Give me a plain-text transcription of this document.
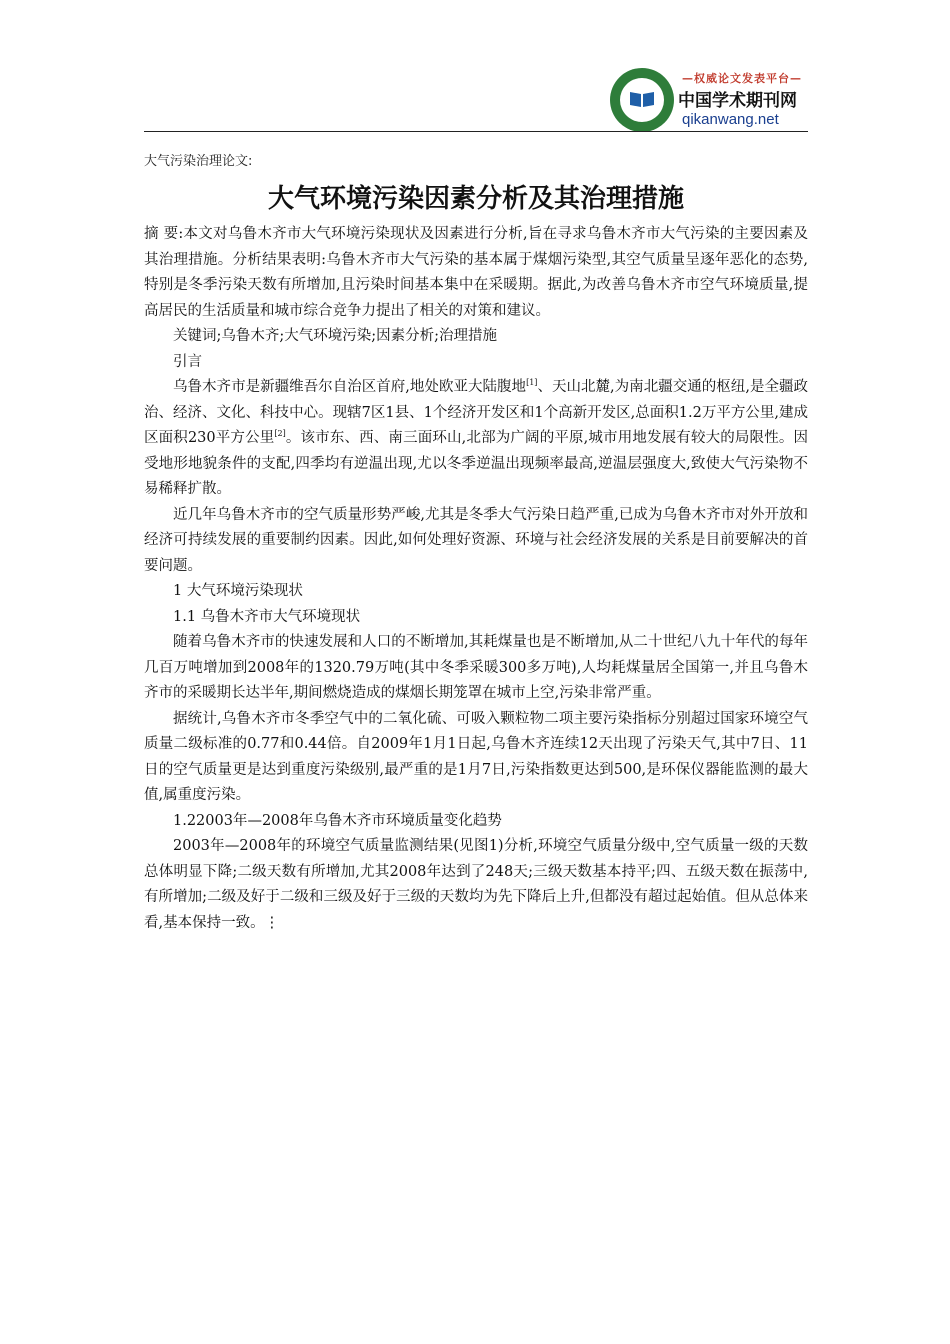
—权威论文发表平台—
中国学术期刊网
qikanwang.net
大气污染治理论文:
大气环境污染因素分析及其治理措施

摘 要:本文对乌鲁木齐市大气环境污染现状及因素进行分析,旨在寻求乌鲁木齐市大气污染的主要因素及其治理措施。分析结果表明:乌鲁木齐市大气污染的基本属于煤烟污染型,其空气质量呈逐年恶化的态势,特别是冬季污染天数有所增加,且污染时间基本集中在采暖期。据此,为改善乌鲁木齐市空气环境质量,提高居民的生活质量和城市综合竞争力提出了相关的对策和建议。

关键词;乌鲁木齐;大气环境污染;因素分析;治理措施

引言

乌鲁木齐市是新疆维吾尔自治区首府,地处欧亚大陆腹地[1]、天山北麓,为南北疆交通的枢纽,是全疆政治、经济、文化、科技中心。现辖7区1县、1个经济开发区和1个高新开发区,总面积1.2万平方公里,建成区面积230平方公里[2]。该市东、西、南三面环山,北部为广阔的平原,城市用地发展有较大的局限性。因受地形地貌条件的支配,四季均有逆温出现,尤以冬季逆温出现频率最高,逆温层强度大,致使大气污染物不易稀释扩散。

近几年乌鲁木齐市的空气质量形势严峻,尤其是冬季大气污染日趋严重,已成为乌鲁木齐市对外开放和经济可持续发展的重要制约因素。因此,如何处理好资源、环境与社会经济发展的关系是目前要解决的首要问题。

1 大气环境污染现状

1.1 乌鲁木齐市大气环境现状

随着乌鲁木齐市的快速发展和人口的不断增加,其耗煤量也是不断增加,从二十世纪八九十年代的每年几百万吨增加到2008年的1320.79万吨(其中冬季采暖300多万吨),人均耗煤量居全国第一,并且乌鲁木齐市的采暖期长达半年,期间燃烧造成的煤烟长期笼罩在城市上空,污染非常严重。

据统计,乌鲁木齐市冬季空气中的二氧化硫、可吸入颗粒物二项主要污染指标分别超过国家环境空气质量二级标准的0.77和0.44倍。自2009年1月1日起,乌鲁木齐连续12天出现了污染天气,其中7日、11日的空气质量更是达到重度污染级别,最严重的是1月7日,污染指数更达到500,是环保仪器能监测的最大值,属重度污染。

1.22003年—2008年乌鲁木齐市环境质量变化趋势

2003年—2008年的环境空气质量监测结果(见图1)分析,环境空气质量分级中,空气质量一级的天数总体明显下降;二级天数有所增加,尤其2008年达到了248天;三级天数基本持平;四、五级天数在振荡中,有所增加;二级及好于二级和三级及好于三级的天数均为先下降后上升,但都没有超过起始值。但从总体来看,基本保持一致。⋮
